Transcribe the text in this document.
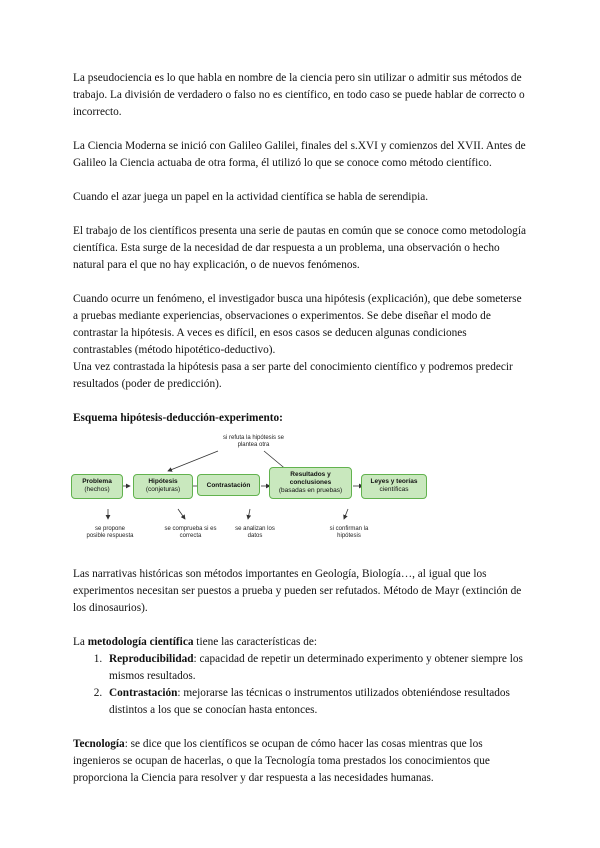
La pseudociencia es lo que habla en nombre de la ciencia pero sin utilizar o admitir sus métodos de trabajo. La división de verdadero o falso no es científico, en todo caso se puede hablar de correcto o incorrecto.

La Ciencia Moderna se inició con Galileo Galilei, finales del s.XVI y comienzos del XVII. Antes de Galileo la Ciencia actuaba de otra forma, él utilizó lo que se conoce como método científico.

Cuando el azar juega un papel en la actividad científica se habla de serendipia.

El trabajo de los científicos presenta una serie de pautas en común que se conoce como metodología científica. Esta surge de la necesidad de dar respuesta a un problema, una observación o hecho natural para el que no hay explicación, o de nuevos fenómenos.

Cuando ocurre un fenómeno, el investigador busca una hipótesis (explicación), que debe someterse a pruebas mediante experiencias, observaciones o experimentos. Se debe diseñar el modo de contrastar la hipótesis. A veces es difícil, en esos casos se deducen algunas condiciones contrastables (método hipotético-deductivo).

Una vez contrastada la hipótesis pasa a ser parte del conocimiento científico y podremos predecir resultados (poder de predicción).

Esquema hipótesis-deducción-experimento:
si refuta la hipótesis se plantea otra
Problema
(hechos)
Hipótesis
(conjeturas)
Contrastación
Resultados y conclusiones
(basadas en pruebas)
Leyes y teorías
científicas
se propone posible respuesta
se comprueba si es correcta
se analizan los datos
si confirman la hipótesis

Las narrativas históricas son métodos importantes en Geología, Biología…, al igual que los experimentos necesitan ser puestos a prueba y pueden ser refutados. Método de Mayr (extinción de los dinosaurios).

La metodología científica tiene las características de:

1. Reproducibilidad: capacidad de repetir un determinado experimento y obtener siempre los mismos resultados.
2. Contrastación: mejorarse las técnicas o instrumentos utilizados obteniéndose resultados distintos a los que se conocían hasta entonces.

Tecnología: se dice que los científicos se ocupan de cómo hacer las cosas mientras que los ingenieros se ocupan de hacerlas, o que la Tecnología toma prestados los conocimientos que proporciona la Ciencia para resolver y dar respuesta a las necesidades humanas.
